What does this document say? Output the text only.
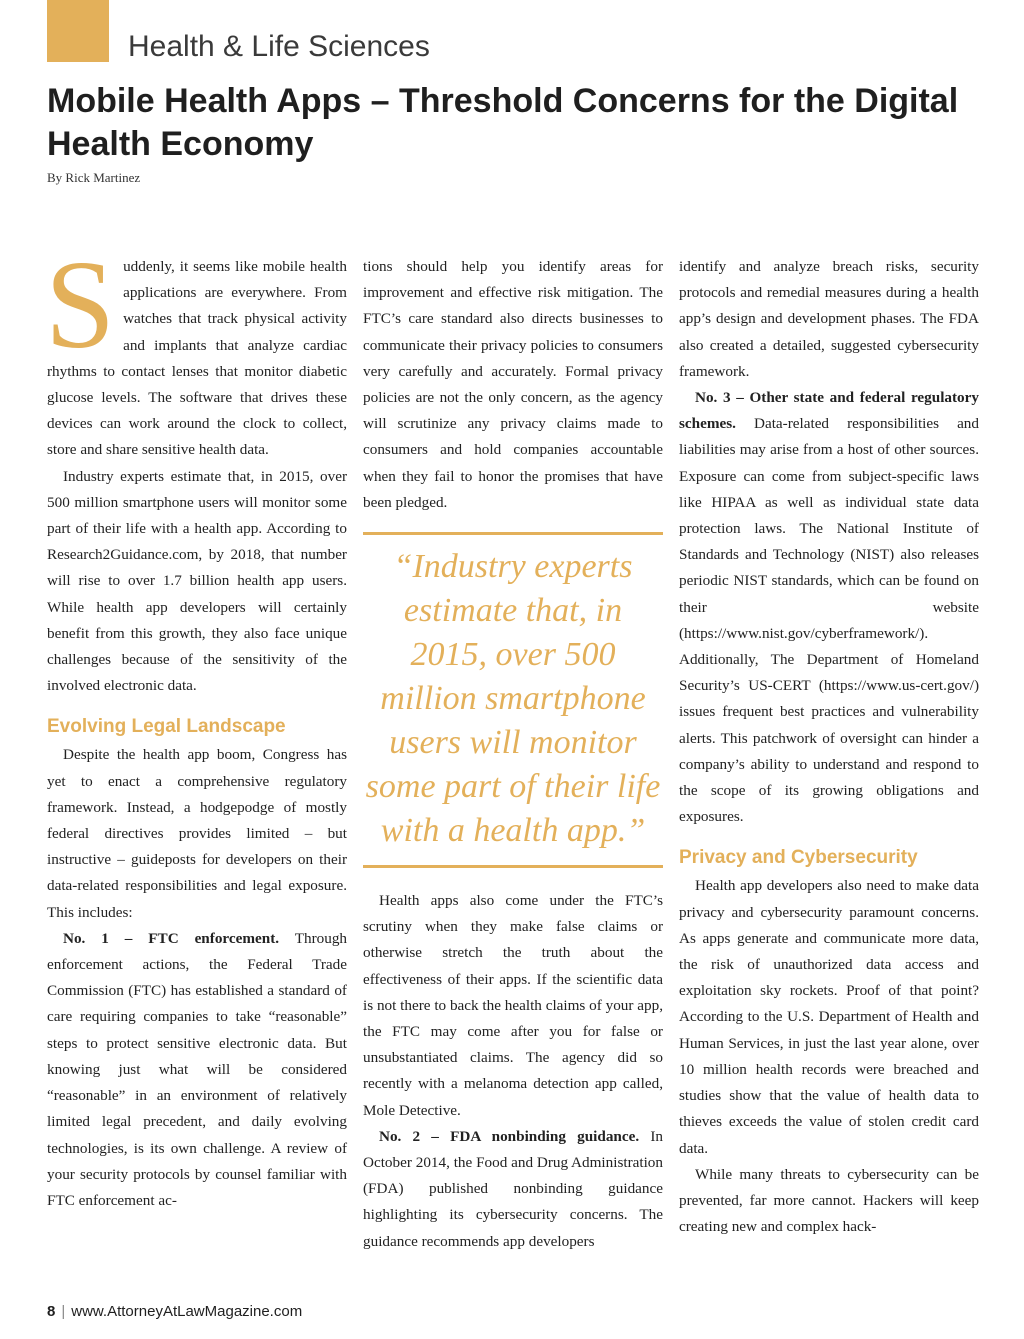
Health & Life Sciences
Mobile Health Apps – Threshold Concerns for the Digital Health Economy
By Rick Martinez

Suddenly, it seems like mobile health applications are everywhere. From watches that track physical activity and implants that analyze cardiac rhythms to contact lenses that monitor diabetic glucose levels. The software that drives these devices can work around the clock to collect, store and share sensitive health data.

Industry experts estimate that, in 2015, over 500 million smartphone users will monitor some part of their life with a health app. According to Research2Guidance.com, by 2018, that number will rise to over 1.7 billion health app users. While health app developers will certainly benefit from this growth, they also face unique challenges because of the sensitivity of the involved electronic data.

Evolving Legal Landscape

Despite the health app boom, Congress has yet to enact a comprehensive regulatory framework. Instead, a hodgepodge of mostly federal directives provides limited – but instructive – guideposts for developers on their data-related responsibilities and legal exposure. This includes:

No. 1 – FTC enforcement. Through enforcement actions, the Federal Trade Commission (FTC) has established a standard of care requiring companies to take “reasonable” steps to protect sensitive electronic data. But knowing just what will be considered “reasonable” in an environment of relatively limited legal precedent, and daily evolving technologies, is its own challenge. A review of your security protocols by counsel familiar with FTC enforcement ac-

tions should help you identify areas for improvement and effective risk mitigation. The FTC’s care standard also directs businesses to communicate their privacy policies to consumers very carefully and accurately. Formal privacy policies are not the only concern, as the agency will scrutinize any privacy claims made to consumers and hold companies accountable when they fail to honor the promises that have been pledged.

“Industry experts estimate that, in 2015, over 500 million smartphone users will monitor some part of their life with a health app.”

Health apps also come under the FTC’s scrutiny when they make false claims or otherwise stretch the truth about the effectiveness of their apps. If the scientific data is not there to back the health claims of your app, the FTC may come after you for false or unsubstantiated claims. The agency did so recently with a melanoma detection app called, Mole Detective.

No. 2 – FDA nonbinding guidance. In October 2014, the Food and Drug Administration (FDA) published nonbinding guidance highlighting its cybersecurity concerns. The guidance recommends app developers

identify and analyze breach risks, security protocols and remedial measures during a health app’s design and development phases. The FDA also created a detailed, suggested cybersecurity framework.

No. 3 – Other state and federal regulatory schemes. Data-related responsibilities and liabilities may arise from a host of other sources. Exposure can come from subject-specific laws like HIPAA as well as individual state data protection laws. The National Institute of Standards and Technology (NIST) also releases periodic NIST standards, which can be found on their website (https://www.nist.gov/cyberframework/). Additionally, The Department of Homeland Security’s US-CERT (https://www.us-cert.gov/) issues frequent best practices and vulnerability alerts. This patchwork of oversight can hinder a company’s ability to understand and respond to the scope of its growing obligations and exposures.

Privacy and Cybersecurity

Health app developers also need to make data privacy and cybersecurity paramount concerns. As apps generate and communicate more data, the risk of unauthorized data access and exploitation sky rockets. Proof of that point? According to the U.S. Department of Health and Human Services, in just the last year alone, over 10 million health records were breached and studies show that the value of health data to thieves exceeds the value of stolen credit card data.

While many threats to cybersecurity can be prevented, far more cannot. Hackers will keep creating new and complex hack-

8 | www.AttorneyAtLawMagazine.com
